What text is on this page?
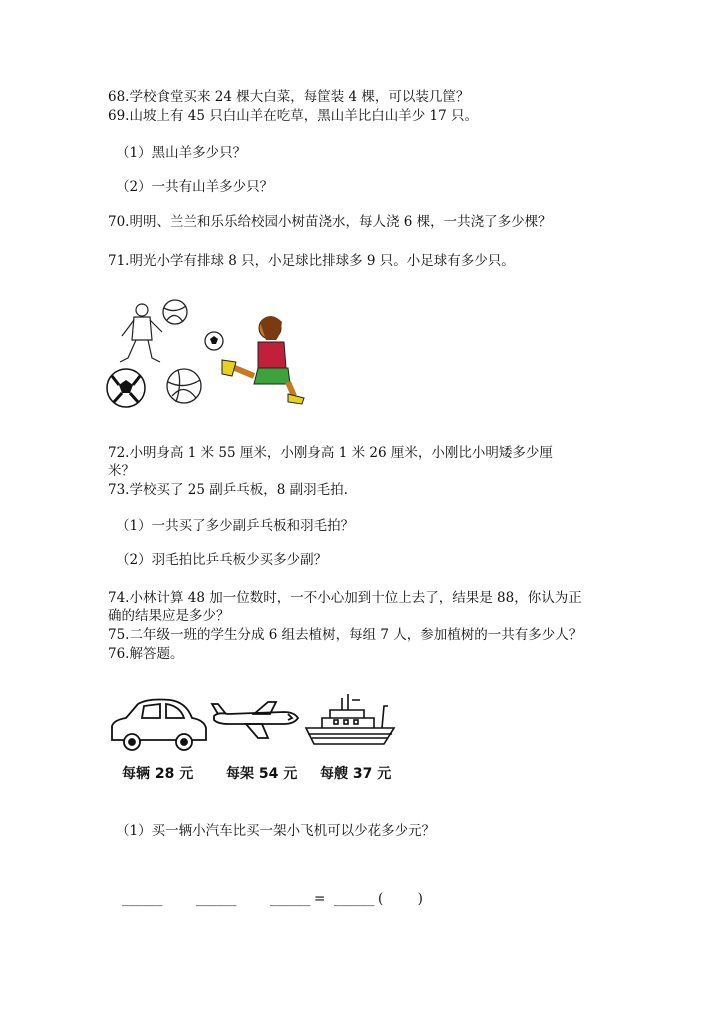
68.学校食堂买来 24 棵大白菜，每筐装 4 棵，可以装几筐？
69.山坡上有 45 只白山羊在吃草，黑山羊比白山羊少 17 只。
（1）黑山羊多少只？
（2）一共有山羊多少只？
70.明明、兰兰和乐乐给校园小树苗浇水，每人浇 6 棵，一共浇了多少棵？
71.明光小学有排球 8 只，小足球比排球多 9 只。小足球有多少只。
72.小明身高 1 米 55 厘米，小刚身高 1 米 26 厘米，小刚比小明矮多少厘
米？
73.学校买了 25 副乒乓板，8 副羽毛拍.
（1）一共买了多少副乒乓板和羽毛拍？
（2）羽毛拍比乒乓板少买多少副？
74.小林计算 48 加一位数时，一不小心加到十位上去了，结果是 88，你认为正
确的结果应是多少？
75.二年级一班的学生分成 6 组去植树，每组 7 人，参加植树的一共有多少人？
76.解答题。
每辆 28 元 每架 54 元 每艘 37 元
（1）买一辆小汽车比买一架小飞机可以少花多少元？
______ ______ ______ = ______ (        )
